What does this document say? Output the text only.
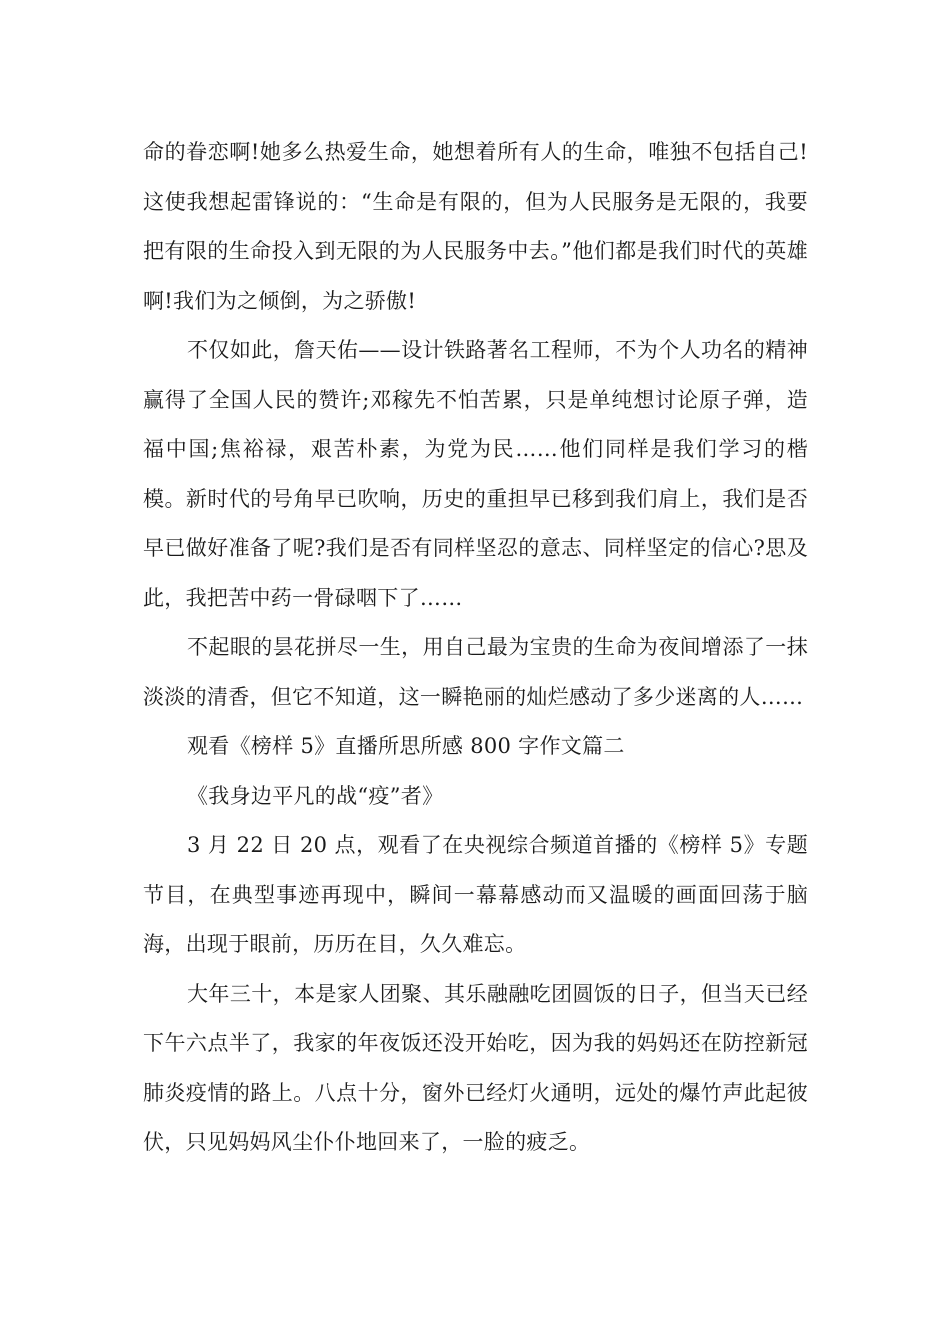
命的眷恋啊!她多么热爱生命，她想着所有人的生命，唯独不包括自己!这使我想起雷锋说的：“生命是有限的，但为人民服务是无限的，我要把有限的生命投入到无限的为人民服务中去。”他们都是我们时代的英雄啊!我们为之倾倒，为之骄傲!

不仅如此，詹天佑——设计铁路著名工程师，不为个人功名的精神赢得了全国人民的赞许;邓稼先不怕苦累，只是单纯想讨论原子弹，造福中国;焦裕禄，艰苦朴素，为党为民……他们同样是我们学习的楷模。新时代的号角早已吹响，历史的重担早已移到我们肩上，我们是否早已做好准备了呢?我们是否有同样坚忍的意志、同样坚定的信心?思及此，我把苦中药一骨碌咽下了……

不起眼的昙花拼尽一生，用自己最为宝贵的生命为夜间增添了一抹淡淡的清香，但它不知道，这一瞬艳丽的灿烂感动了多少迷离的人……

观看《榜样 5》直播所思所感 800 字作文篇二

《我身边平凡的战“疫”者》

3 月 22 日 20 点，观看了在央视综合频道首播的《榜样 5》专题节目，在典型事迹再现中，瞬间一幕幕感动而又温暖的画面回荡于脑海，出现于眼前，历历在目，久久难忘。

大年三十，本是家人团聚、其乐融融吃团圆饭的日子，但当天已经下午六点半了，我家的年夜饭还没开始吃，因为我的妈妈还在防控新冠肺炎疫情的路上。八点十分，窗外已经灯火通明，远处的爆竹声此起彼伏，只见妈妈风尘仆仆地回来了，一脸的疲乏。
